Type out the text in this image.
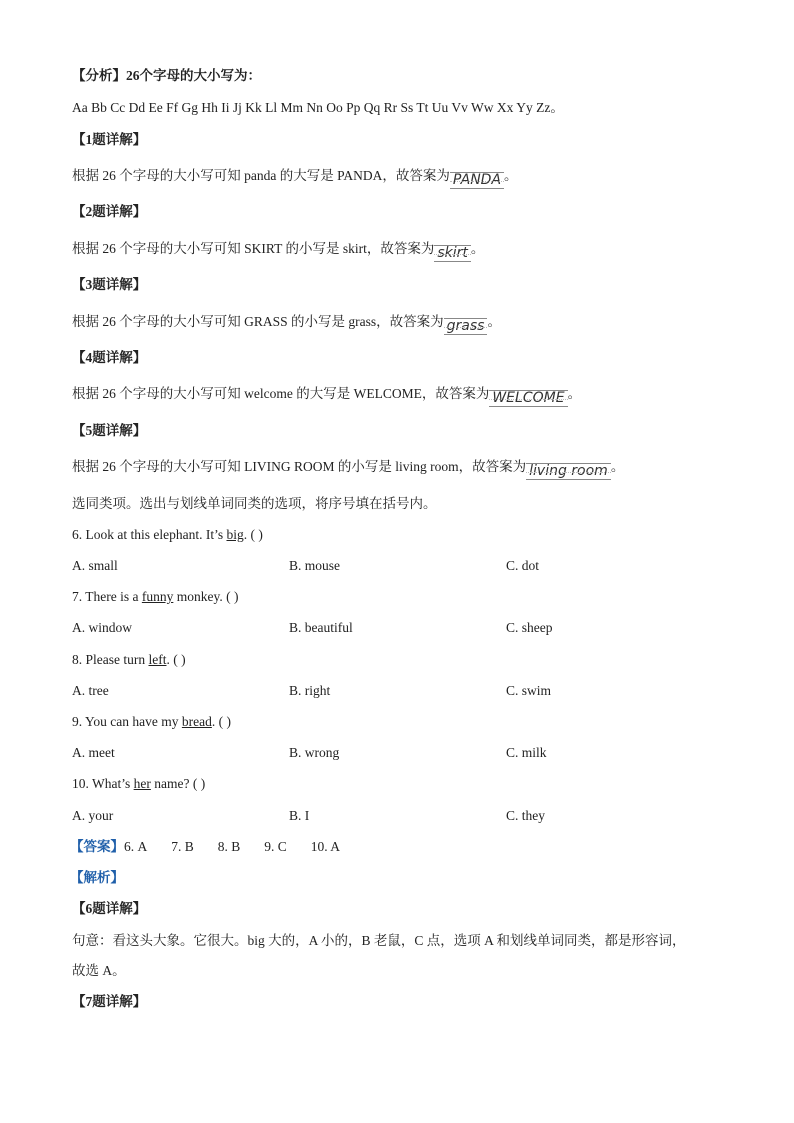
【分析】26个字母的大小写为：
Aa Bb Cc Dd Ee Ff Gg Hh Ii Jj Kk Ll Mm Nn Oo Pp Qq Rr Ss Tt Uu Vv Ww Xx Yy Zz。
【1题详解】
根据 26 个字母的大小写可知 panda 的大写是 PANDA，故答案为 PANDA 。
【2题详解】
根据 26 个字母的大小写可知 SKIRT 的小写是 skirt，故答案为 skirt 。
【3题详解】
根据 26 个字母的大小写可知 GRASS 的小写是 grass，故答案为 grass 。
【4题详解】
根据 26 个字母的大小写可知 welcome 的大写是 WELCOME，故答案为 WELCOME 。
【5题详解】
根据 26 个字母的大小写可知 LIVING ROOM 的小写是 living room，故答案为 living room 。
选同类项。选出与划线单词同类的选项，将序号填在括号内。
6. Look at this elephant. It’s big. ( )
A. small	B. mouse	C. dot
7. There is a funny monkey. ( )
A. window	B. beautiful	C. sheep
8. Please turn left. ( )
A. tree	B. right	C. swim
9. You can have my bread. ( )
A. meet	B. wrong	C. milk
10. What’s her name? ( )
A. your	B. I	C. they
【答案】6. A 7. B 8. B 9. C 10. A
【解析】
【6题详解】
句意：看这头大象。它很大。big 大的，A 小的，B 老鼠，C 点，选项 A 和划线单词同类，都是形容词，
故选 A。
【7题详解】
